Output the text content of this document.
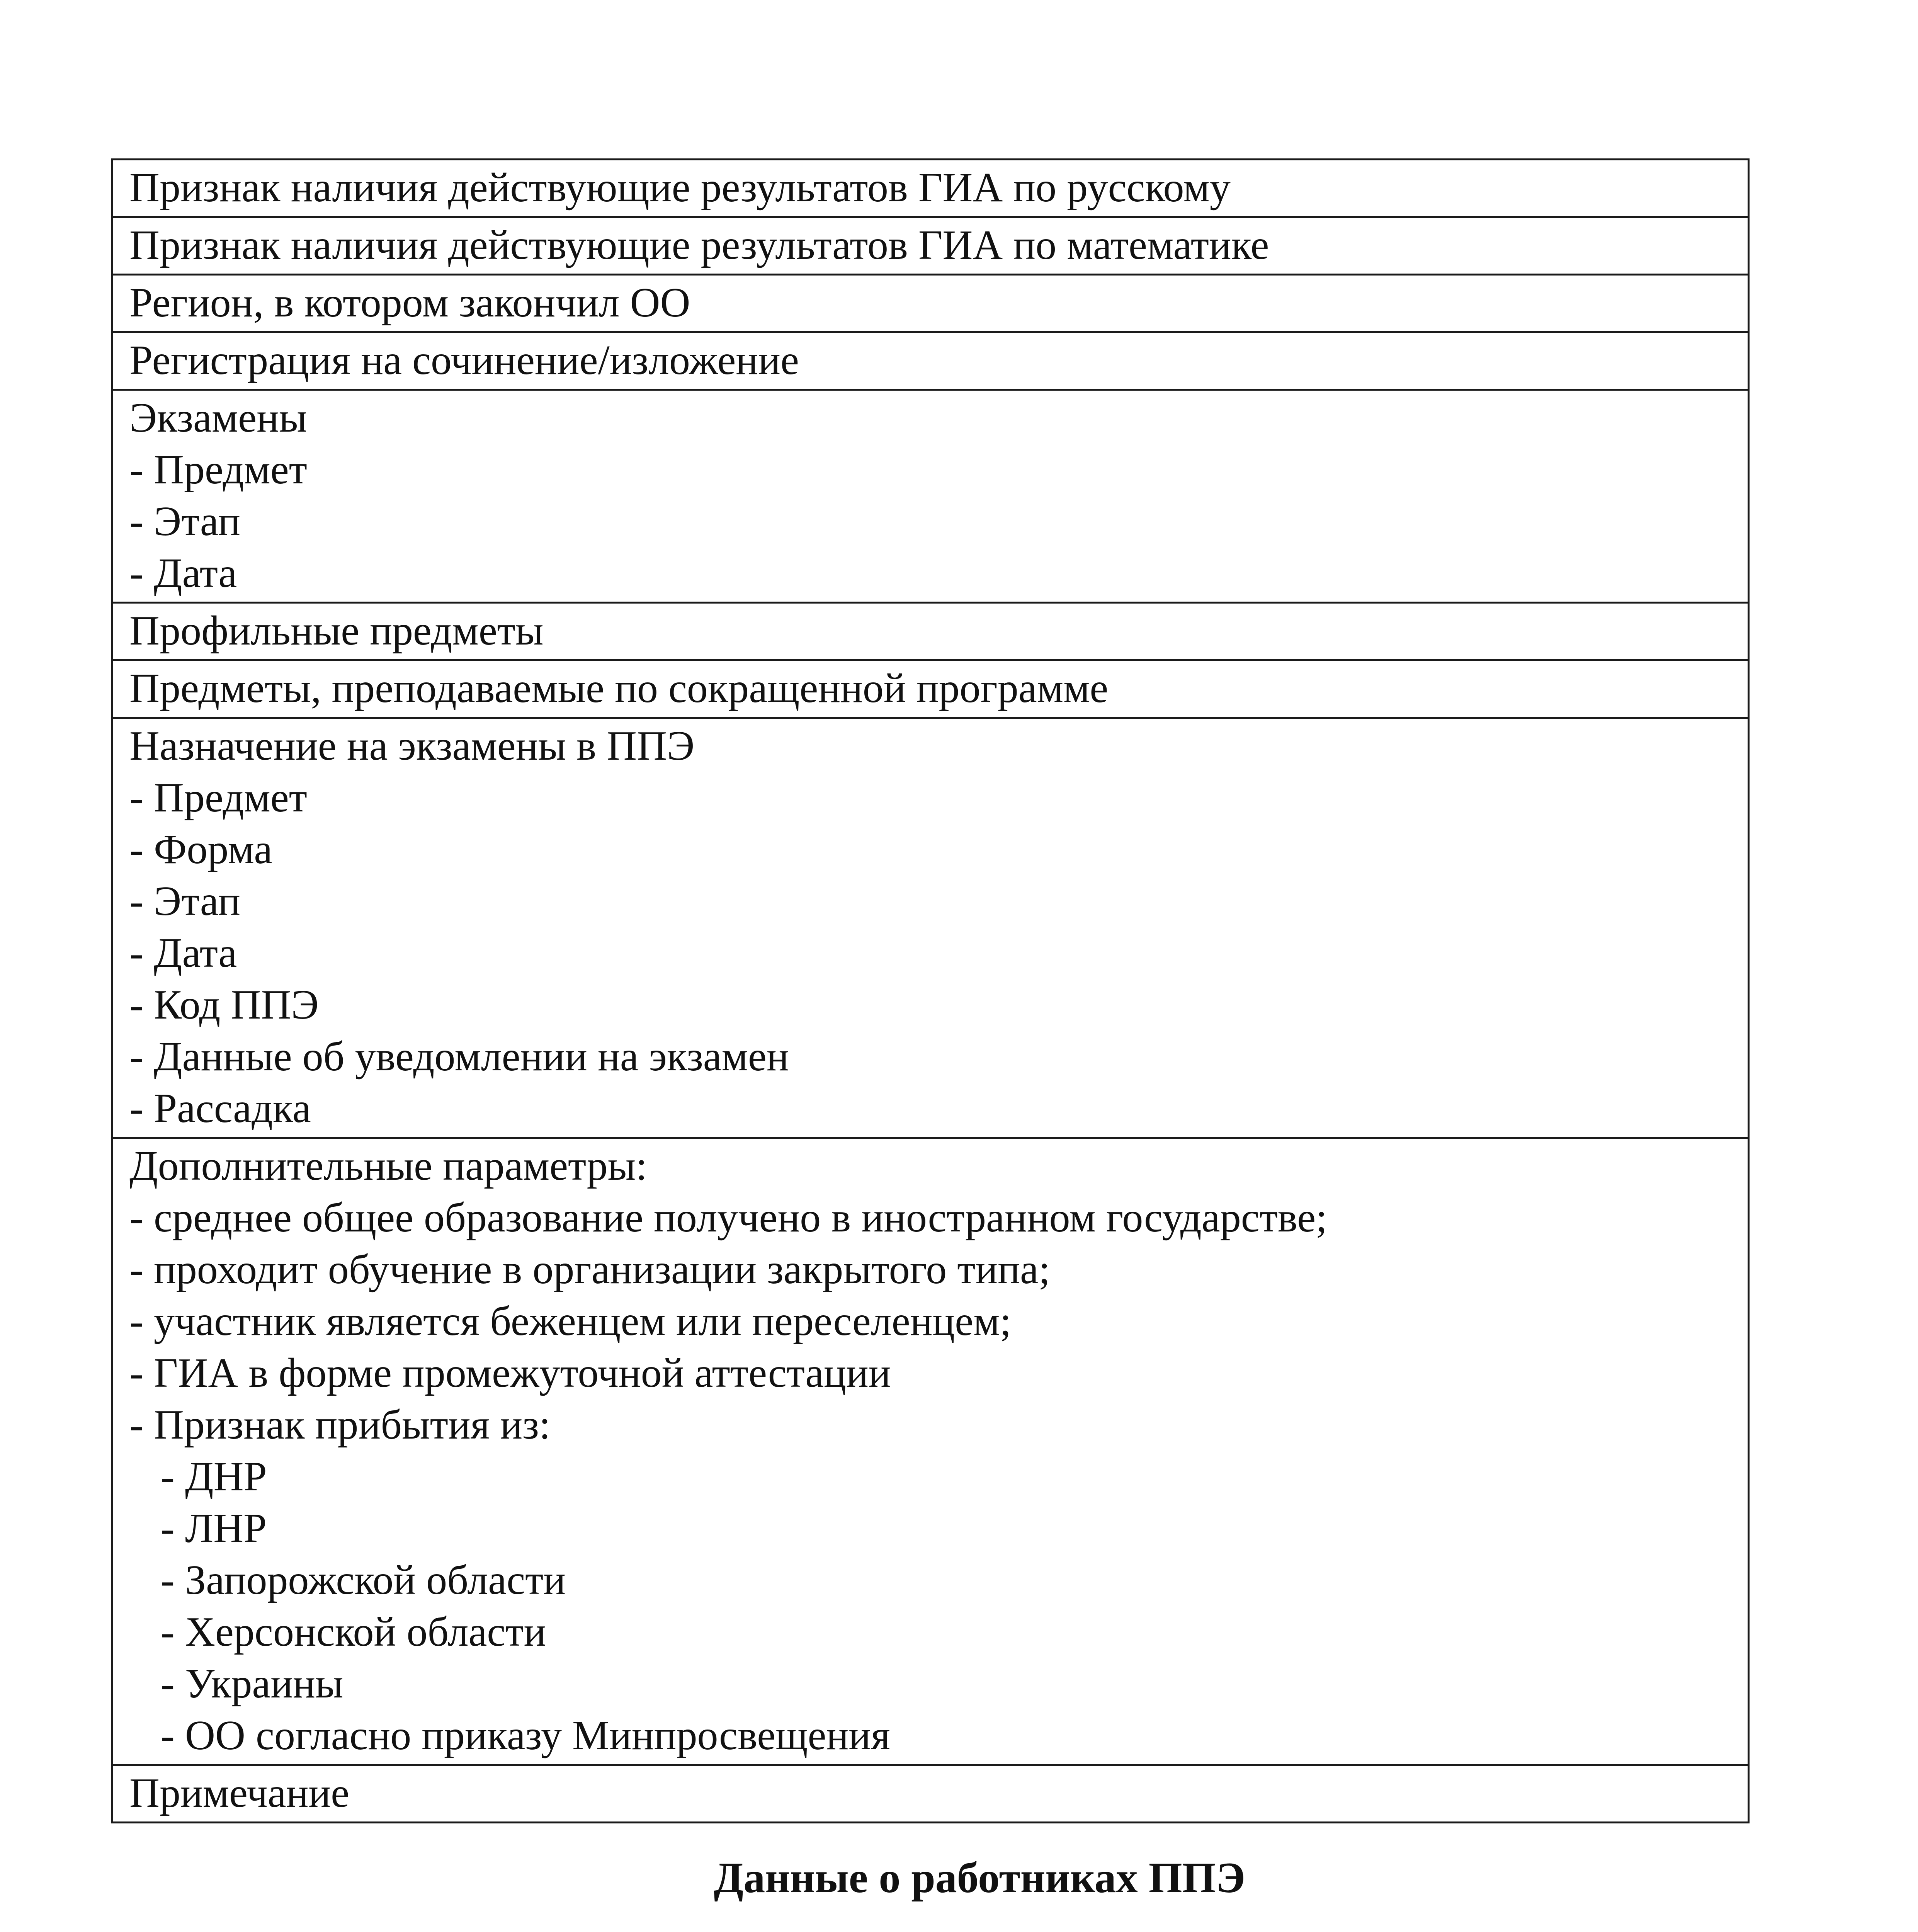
Признак наличия действующие результатов ГИА по русскому

Признак наличия действующие результатов ГИА по математике

Регион, в котором закончил ОО

Регистрация на сочинение/изложение

Экзамены
- Предмет
- Этап
- Дата

Профильные предметы

Предметы, преподаваемые по сокращенной программе

Назначение на экзамены в ППЭ
- Предмет
- Форма
- Этап
- Дата
- Код ППЭ
- Данные об уведомлении на экзамен
- Рассадка

Дополнительные параметры:
- среднее общее образование получено в иностранном государстве;
- проходит обучение в организации закрытого типа;
- участник является беженцем или переселенцем;
- ГИА в форме промежуточной аттестации
- Признак прибытия из:
- ДНР
- ЛНР
- Запорожской области
- Херсонской области
- Украины
- ОО согласно приказу Минпросвещения

Примечание
Данные о работниках ППЭ
